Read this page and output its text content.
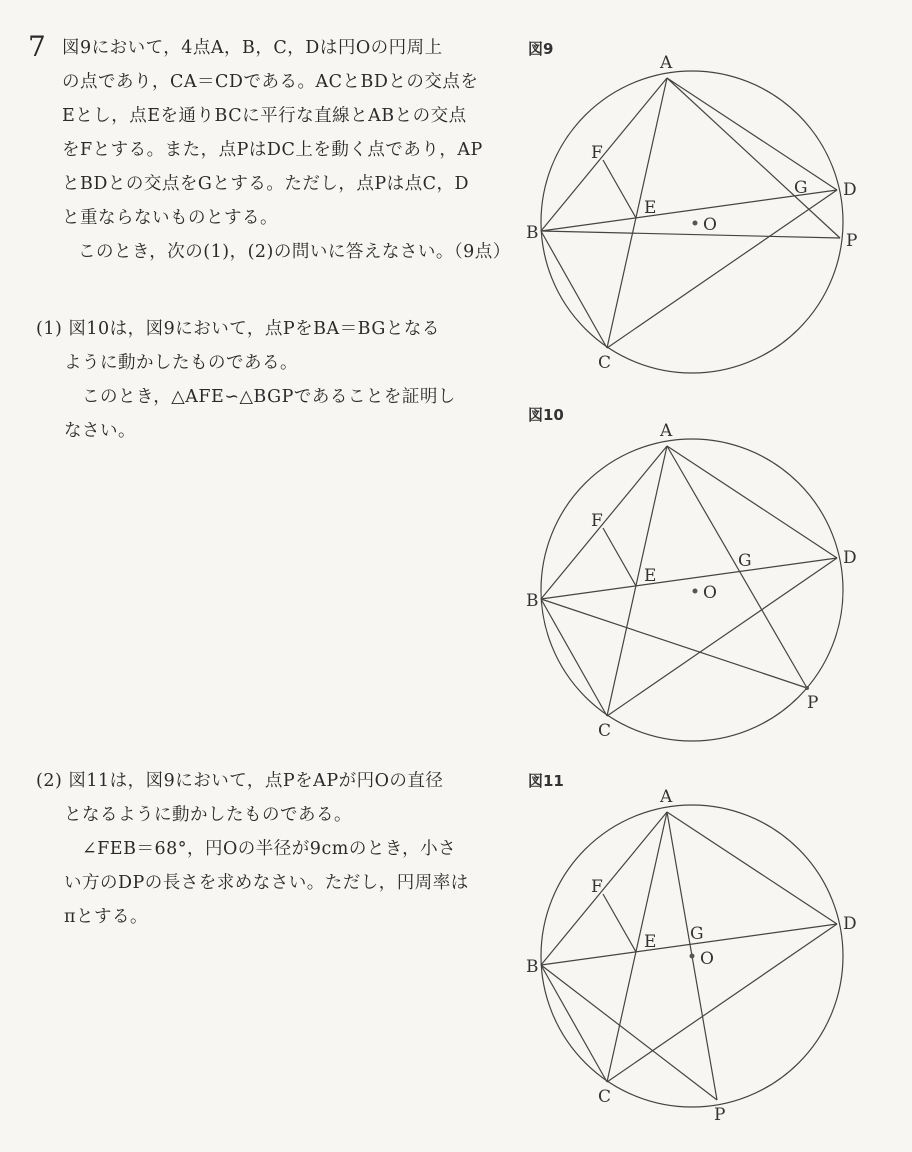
7 図9において，4点A，B，C，Dは円Oの円周上
の点であり，CA＝CDである。ACとBDとの交点を
Eとし，点Eを通りBCに平行な直線とABとの交点
をFとする。また，点PはDC上を動く点であり，AP
とBDとの交点をGとする。ただし，点Pは点C，D
と重ならないものとする。
このとき，次の(1)，(2)の問いに答えなさい。（9点）
(1) 図10は，図9において，点PをBA＝BGとなる
ように動かしたものである。
このとき，△AFE∽△BGPであることを証明し
なさい。
(2) 図11は，図9において，点PをAPが円Oの直径
となるように動かしたものである。
∠FEB＝68°，円Oの半径が9cmのとき，小さ
い方のDPの長さを求めなさい。ただし，円周率は
πとする。
図9
A
B
C
D
E
F
G
P
O
図10
A
B
C
D
E
F
G
P
O
図11
A
B
C
D
E
F
G
P
O
